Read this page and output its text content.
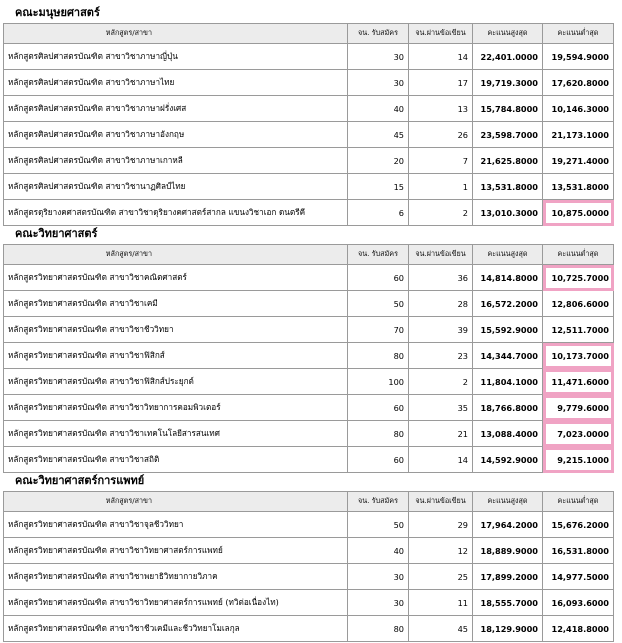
คณะมนุษยศาสตร์
หลักสูตร/สาขา	จน. รับสมัคร	จน.ผ่านข้อเขียน	คะแนนสูงสุด	คะแนนต่ำสุด
หลักสูตรศิลปศาสตรบัณฑิต สาขาวิชาภาษาญี่ปุ่น	30	14	22,401.0000	19,594.9000
หลักสูตรศิลปศาสตรบัณฑิต สาขาวิชาภาษาไทย	30	17	19,719.3000	17,620.8000
หลักสูตรศิลปศาสตรบัณฑิต สาขาวิชาภาษาฝรั่งเศส	40	13	15,784.8000	10,146.3000
หลักสูตรศิลปศาสตรบัณฑิต สาขาวิชาภาษาอังกฤษ	45	26	23,598.7000	21,173.1000
หลักสูตรศิลปศาสตรบัณฑิต สาขาวิชาภาษาเกาหลี	20	7	21,625.8000	19,271.4000
หลักสูตรศิลปศาสตรบัณฑิต สาขาวิชานาฏศิลป์ไทย	15	1	13,531.8000	13,531.8000
หลักสูตรดุริยางคศาสตรบัณฑิต สาขาวิชาดุริยางคศาสตร์สากล แขนงวิชาเอก ดนตรีคี	6	2	13,010.3000	10,875.0000
คณะวิทยาศาสตร์
หลักสูตร/สาขา	จน. รับสมัคร	จน.ผ่านข้อเขียน	คะแนนสูงสุด	คะแนนต่ำสุด
หลักสูตรวิทยาศาสตรบัณฑิต สาขาวิชาคณิตศาสตร์	60	36	14,814.8000	10,725.7000
หลักสูตรวิทยาศาสตรบัณฑิต สาขาวิชาเคมี	50	28	16,572.2000	12,806.6000
หลักสูตรวิทยาศาสตรบัณฑิต สาขาวิชาชีววิทยา	70	39	15,592.9000	12,511.7000
หลักสูตรวิทยาศาสตรบัณฑิต สาขาวิชาฟิสิกส์	80	23	14,344.7000	10,173.7000
หลักสูตรวิทยาศาสตรบัณฑิต สาขาวิชาฟิสิกส์ประยุกต์	100	2	11,804.1000	11,471.6000
หลักสูตรวิทยาศาสตรบัณฑิต สาขาวิชาวิทยาการคอมพิวเตอร์	60	35	18,766.8000	9,779.6000
หลักสูตรวิทยาศาสตรบัณฑิต สาขาวิชาเทคโนโลยีสารสนเทศ	80	21	13,088.4000	7,023.0000
หลักสูตรวิทยาศาสตรบัณฑิต สาขาวิชาสถิติ	60	14	14,592.9000	9,215.1000
คณะวิทยาศาสตร์การแพทย์
หลักสูตร/สาขา	จน. รับสมัคร	จน.ผ่านข้อเขียน	คะแนนสูงสุด	คะแนนต่ำสุด
หลักสูตรวิทยาศาสตรบัณฑิต สาขาวิชาจุลชีววิทยา	50	29	17,964.2000	15,676.2000
หลักสูตรวิทยาศาสตรบัณฑิต สาขาวิชาวิทยาศาสตร์การแพทย์	40	12	18,889.9000	16,531.8000
หลักสูตรวิทยาศาสตรบัณฑิต สาขาวิชาพยาธิวิทยากายวิภาค	30	25	17,899.2000	14,977.5000
หลักสูตรวิทยาศาสตรบัณฑิต สาขาวิชาวิทยาศาสตร์การแพทย์ (ทวิต่อเนื่องไท)	30	11	18,555.7000	16,093.6000
หลักสูตรวิทยาศาสตรบัณฑิต สาขาวิชาชีวเคมีและชีววิทยาโมเลกุล	80	45	18,129.9000	12,418.8000
